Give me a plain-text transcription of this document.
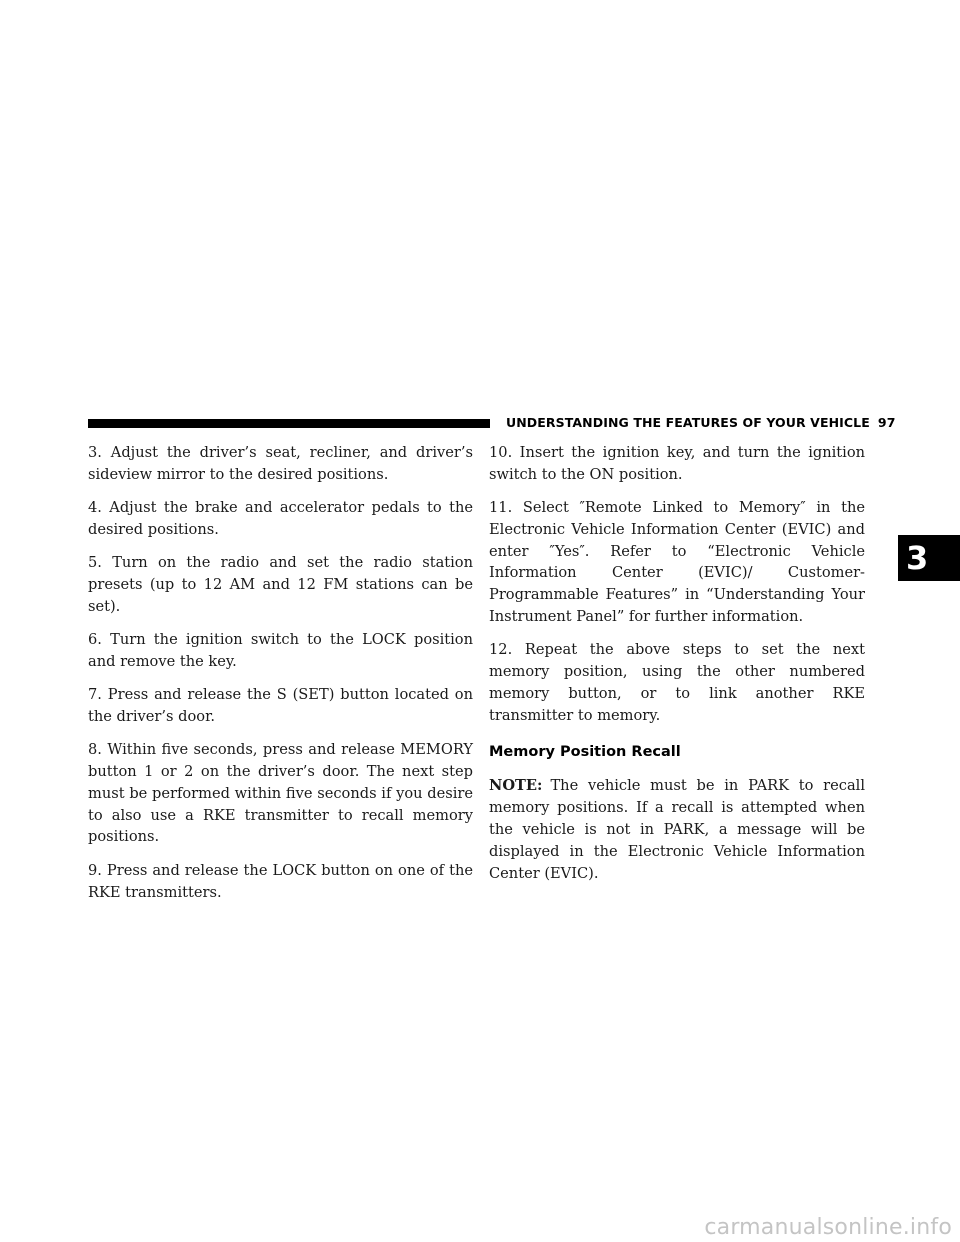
UNDERSTANDING THE FEATURES OF YOUR VEHICLE 97

3. Adjust the driver’s seat, recliner, and driver’s sideview mirror to the desired positions.

4. Adjust the brake and accelerator pedals to the desired positions.

5. Turn on the radio and set the radio station presets (up to 12 AM and 12 FM stations can be set).

6. Turn the ignition switch to the LOCK position and remove the key.

7. Press and release the S (SET) button located on the driver’s door.

8. Within five seconds, press and release MEMORY button 1 or 2 on the driver’s door. The next step must be performed within five seconds if you desire to also use a RKE transmitter to recall memory positions.

9. Press and release the LOCK button on one of the RKE transmitters.

10. Insert the ignition key, and turn the ignition switch to the ON position.

11. Select ″Remote Linked to Memory″ in the Electronic Vehicle Information Center (EVIC) and enter ″Yes″. Refer to “Electronic Vehicle Information Center (EVIC)/ Customer-Programmable Features” in “Understanding Your Instrument Panel” for further information.

12. Repeat the above steps to set the next memory position, using the other numbered memory button, or to link another RKE transmitter to memory.

Memory Position Recall

NOTE: The vehicle must be in PARK to recall memory positions. If a recall is attempted when the vehicle is not in PARK, a message will be displayed in the Electronic Vehicle Information Center (EVIC).

3
carmanualsonline.info
